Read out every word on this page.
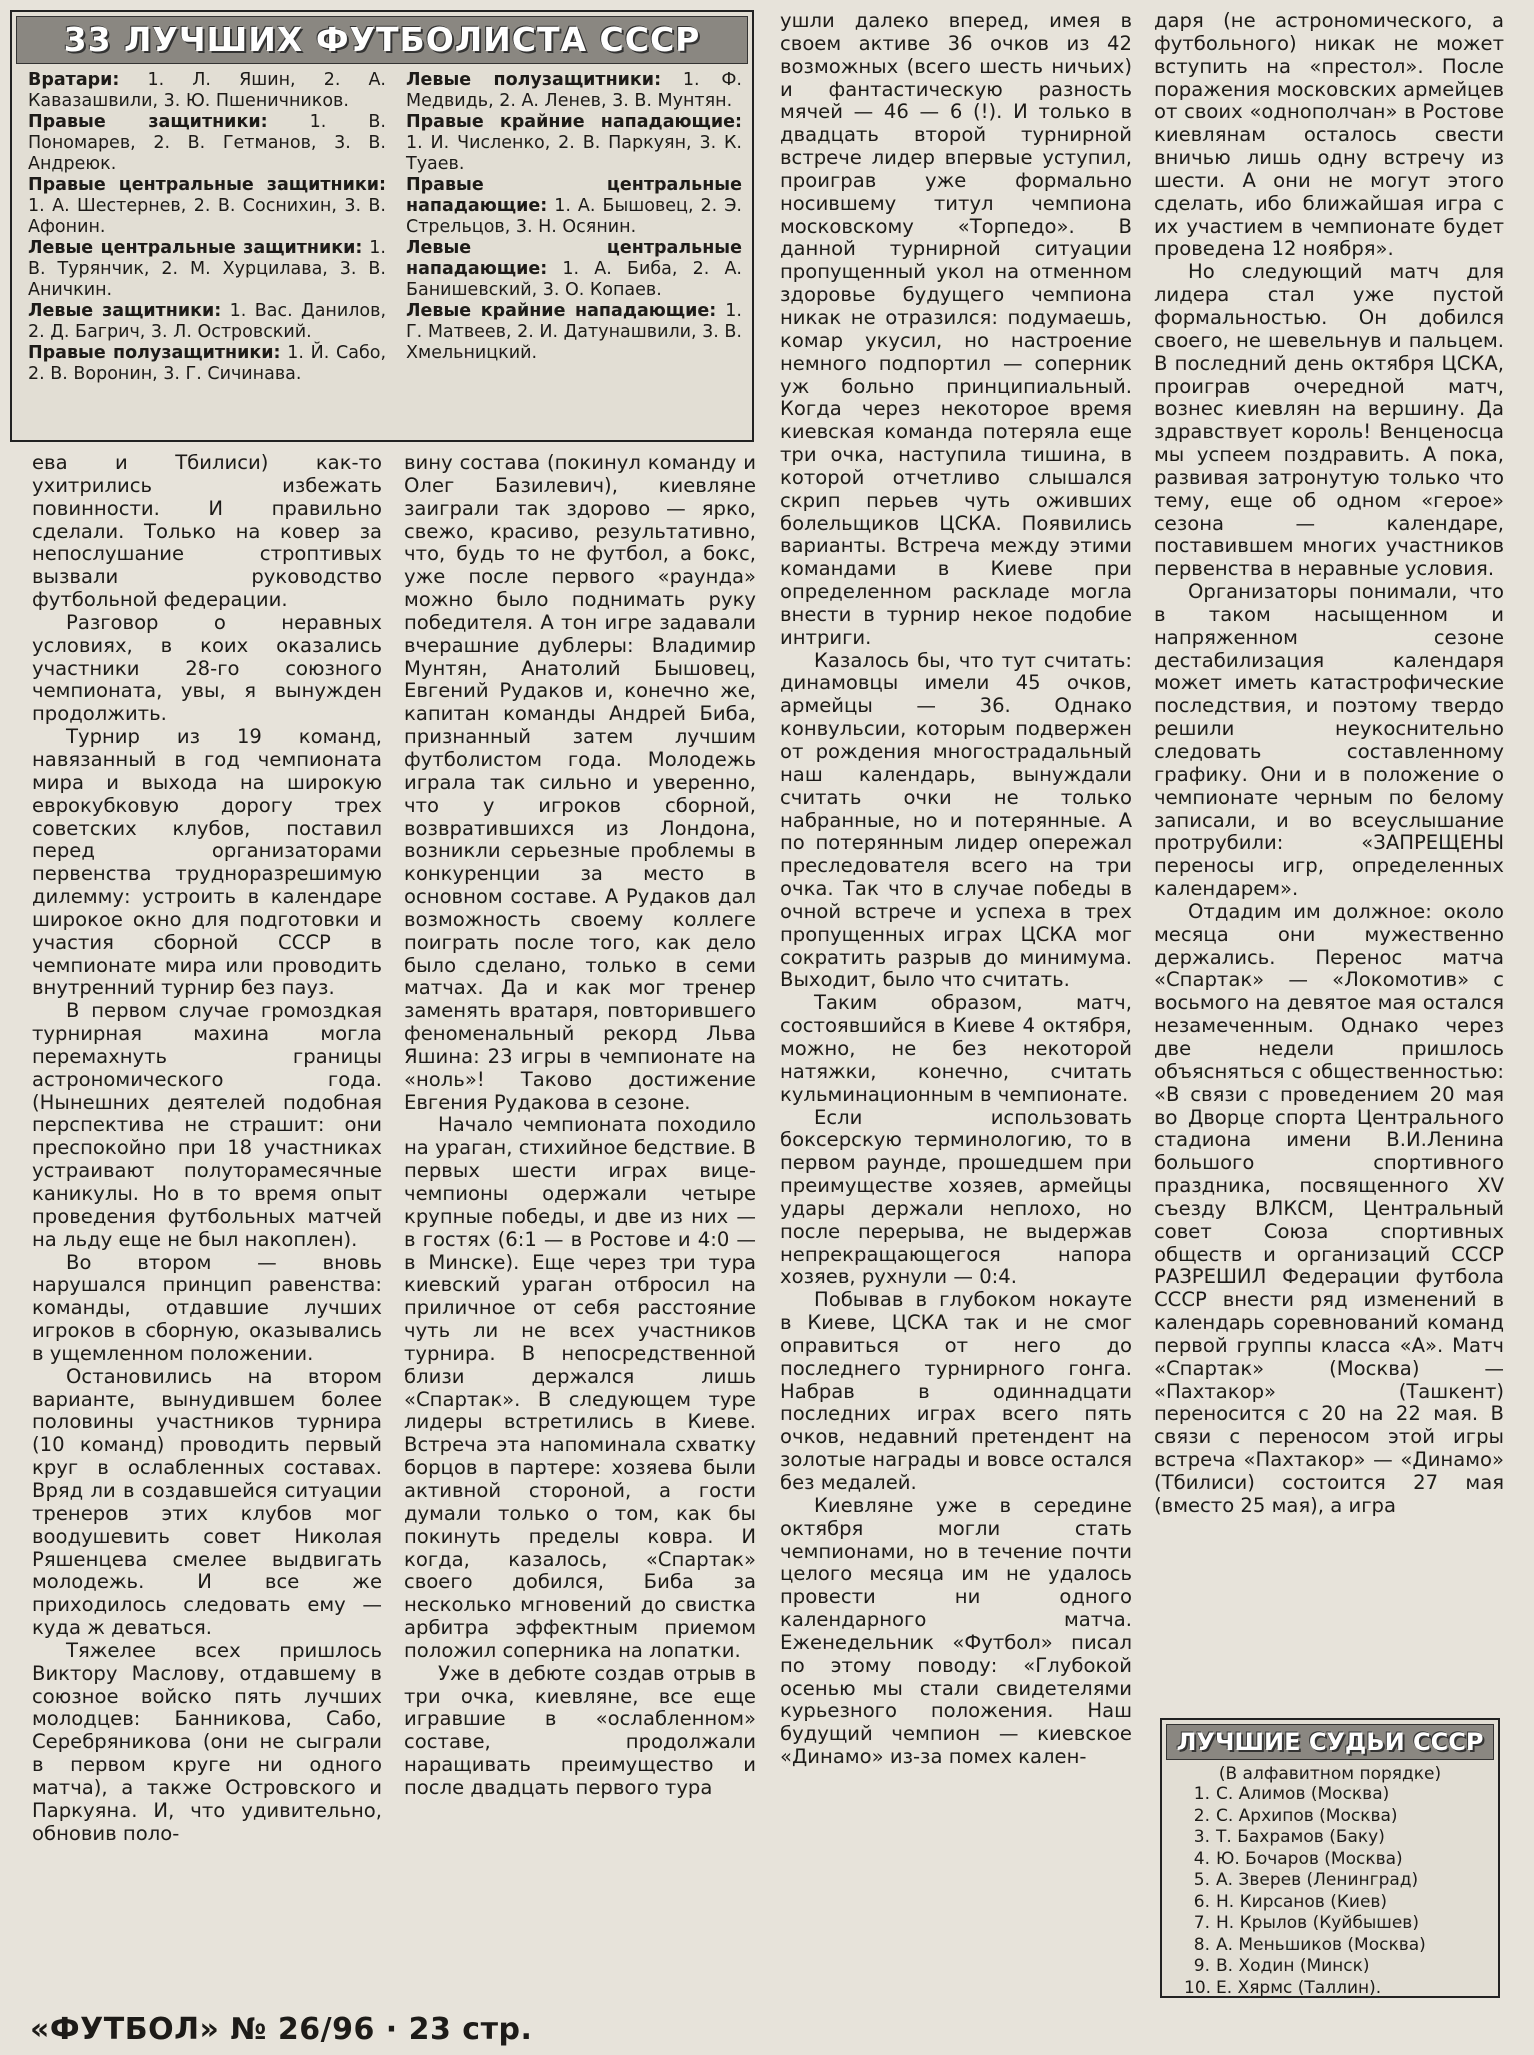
33 ЛУЧШИХ ФУТБОЛИСТА СССР

Вратари: 1. Л. Яшин, 2. А. Кавазашвили, 3. Ю. Пшеничников.

Правые защитники: 1. В. Пономарев, 2. В. Гетманов, 3. В. Андреюк.

Правые центральные защитники: 1. А. Шестернев, 2. В. Соснихин, 3. В. Афонин.

Левые центральные защитники: 1. В. Турянчик, 2. М. Хурцилава, 3. В. Аничкин.

Левые защитники: 1. Вас. Данилов, 2. Д. Багрич, 3. Л. Островский.

Правые полузащитники: 1. Й. Сабо, 2. В. Воронин, 3. Г. Сичинава.

Левые полузащитники: 1. Ф. Медвидь, 2. А. Ленев, 3. В. Мунтян.

Правые крайние нападающие: 1. И. Численко, 2. В. Паркуян, 3. К. Туаев.

Правые центральные нападающие: 1. А. Бышовец, 2. Э. Стрельцов, 3. Н. Осянин.

Левые центральные нападающие: 1. А. Биба, 2. А. Банишевский, 3. О. Копаев.

Левые крайние нападающие: 1. Г. Матвеев, 2. И. Датунашвили, 3. В. Хмельницкий.

ева и Тбилиси) как-то ухитрились избежать повинности. И правильно сделали. Только на ковер за непослушание строптивых вызвали руководство футбольной федерации.

Разговор о неравных условиях, в коих оказались участники 28-го союзного чемпионата, увы, я вынужден продолжить.

Турнир из 19 команд, навязанный в год чемпионата мира и выхода на широкую еврокубковую дорогу трех советских клубов, поставил перед организаторами первенства трудноразрешимую дилемму: устроить в календаре широкое окно для подготовки и участия сборной СССР в чемпионате мира или проводить внутренний турнир без пауз.

В первом случае громоздкая турнирная махина могла перемахнуть границы астрономического года. (Нынешних деятелей подобная перспектива не страшит: они преспокойно при 18 участниках устраивают полуторамесячные каникулы. Но в то время опыт проведения футбольных матчей на льду еще не был накоплен).

Во втором — вновь нарушался принцип равенства: команды, отдавшие лучших игроков в сборную, оказывались в ущемленном положении.

Остановились на втором варианте, вынудившем более половины участников турнира (10 команд) проводить первый круг в ослабленных составах. Вряд ли в создавшейся ситуации тренеров этих клубов мог воодушевить совет Николая Ряшенцева смелее выдвигать молодежь. И все же приходилось следовать ему — куда ж деваться.

Тяжелее всех пришлось Виктору Маслову, отдавшему в союзное войско пять лучших молодцев: Банникова, Сабо, Серебряникова (они не сыграли в первом круге ни одного матча), а также Островского и Паркуяна. И, что удивительно, обновив поло-

вину состава (покинул команду и Олег Базилевич), киевляне заиграли так здорово — ярко, свежо, красиво, результативно, что, будь то не футбол, а бокс, уже после первого «раунда» можно было поднимать руку победителя. А тон игре задавали вчерашние дублеры: Владимир Мунтян, Анатолий Бышовец, Евгений Рудаков и, конечно же, капитан команды Андрей Биба, признанный затем лучшим футболистом года. Молодежь играла так сильно и уверенно, что у игроков сборной, возвратившихся из Лондона, возникли серьезные проблемы в конкуренции за место в основном составе. А Рудаков дал возможность своему коллеге поиграть после того, как дело было сделано, только в семи матчах. Да и как мог тренер заменять вратаря, повторившего феноменальный рекорд Льва Яшина: 23 игры в чемпионате на «ноль»! Таково достижение Евгения Рудакова в сезоне.

Начало чемпионата походило на ураган, стихийное бедствие. В первых шести играх вице-чемпионы одержали четыре крупные победы, и две из них — в гостях (6:1 — в Ростове и 4:0 — в Минске). Еще через три тура киевский ураган отбросил на приличное от себя расстояние чуть ли не всех участников турнира. В непосредственной близи держался лишь «Спартак». В следующем туре лидеры встретились в Киеве. Встреча эта напоминала схватку борцов в партере: хозяева были активной стороной, а гости думали только о том, как бы покинуть пределы ковра. И когда, казалось, «Спартак» своего добился, Биба за несколько мгновений до свистка арбитра эффектным приемом положил соперника на лопатки.

Уже в дебюте создав отрыв в три очка, киевляне, все еще игравшие в «ослабленном» составе, продолжали наращивать преимущество и после двадцать первого тура

ушли далеко вперед, имея в своем активе 36 очков из 42 возможных (всего шесть ничьих) и фантастическую разность мячей — 46 — 6 (!). И только в двадцать второй турнирной встрече лидер впервые уступил, проиграв уже формально носившему титул чемпиона московскому «Торпедо». В данной турнирной ситуации пропущенный укол на отменном здоровье будущего чемпиона никак не отразился: подумаешь, комар укусил, но настроение немного подпортил — соперник уж больно принципиальный. Когда через некоторое время киевская команда потеряла еще три очка, наступила тишина, в которой отчетливо слышался скрип перьев чуть оживших болельщиков ЦСКА. Появились варианты. Встреча между этими командами в Киеве при определенном раскладе могла внести в турнир некое подобие интриги.

Казалось бы, что тут считать: динамовцы имели 45 очков, армейцы — 36. Однако конвульсии, которым подвержен от рождения многострадальный наш календарь, вынуждали считать очки не только набранные, но и потерянные. А по потерянным лидер опережал преследователя всего на три очка. Так что в случае победы в очной встрече и успеха в трех пропущенных играх ЦСКА мог сократить разрыв до минимума. Выходит, было что считать.

Таким образом, матч, состоявшийся в Киеве 4 октября, можно, не без некоторой натяжки, конечно, считать кульминационным в чемпионате.

Если использовать боксерскую терминологию, то в первом раунде, прошедшем при преимуществе хозяев, армейцы удары держали неплохо, но после перерыва, не выдержав непрекращающегося напора хозяев, рухнули — 0:4.

Побывав в глубоком нокауте в Киеве, ЦСКА так и не смог оправиться от него до последнего турнирного гонга. Набрав в одиннадцати последних играх всего пять очков, недавний претендент на золотые награды и вовсе остался без медалей.

Киевляне уже в середине октября могли стать чемпионами, но в течение почти целого месяца им не удалось провести ни одного календарного матча. Еженедельник «Футбол» писал по этому поводу: «Глубокой осенью мы стали свидетелями курьезного положения. Наш будущий чемпион — киевское «Динамо» из-за помех кален-

даря (не астрономического, а футбольного) никак не может вступить на «престол». После поражения московских армейцев от своих «однополчан» в Ростове киевлянам осталось свести вничью лишь одну встречу из шести. А они не могут этого сделать, ибо ближайшая игра с их участием в чемпионате будет проведена 12 ноября».

Но следующий матч для лидера стал уже пустой формальностью. Он добился своего, не шевельнув и пальцем. В последний день октября ЦСКА, проиграв очередной матч, вознес киевлян на вершину. Да здравствует король! Венценосца мы успеем поздравить. А пока, развивая затронутую только что тему, еще об одном «герое» сезона — календаре, поставившем многих участников первенства в неравные условия.

Организаторы понимали, что в таком насыщенном и напряженном сезоне дестабилизация календаря может иметь катастрофические последствия, и поэтому твердо решили неукоснительно следовать составленному графику. Они и в положение о чемпионате черным по белому записали, и во всеуслышание протрубили: «ЗАПРЕЩЕНЫ переносы игр, определенных календарем».

Отдадим им должное: около месяца они мужественно держались. Перенос матча «Спартак» — «Локомотив» с восьмого на девятое мая остался незамеченным. Однако через две недели пришлось объясняться с общественностью: «В связи с проведением 20 мая во Дворце спорта Центрального стадиона имени В.И.Ленина большого спортивного праздника, посвященного XV съезду ВЛКСМ, Центральный совет Союза спортивных обществ и организаций СССР РАЗРЕШИЛ Федерации футбола СССР внести ряд изменений в календарь соревнований команд первой группы класса «А». Матч «Спартак» (Москва) — «Пахтакор» (Ташкент) переносится с 20 на 22 мая. В связи с переносом этой игры встреча «Пахтакор» — «Динамо» (Тбилиси) состоится 27 мая (вместо 25 мая), а игра

ЛУЧШИЕ СУДЬИ СССР
(В алфавитном порядке)
1. С. Алимов (Москва)
2. С. Архипов (Москва)
3. Т. Бахрамов (Баку)
4. Ю. Бочаров (Москва)
5. А. Зверев (Ленинград)
6. Н. Кирсанов (Киев)
7. Н. Крылов (Куйбышев)
8. А. Меньшиков (Москва)
9. В. Ходин (Минск)
10. Е. Хярмс (Таллин).
«ФУТБОЛ» № 26/96 · 23 стр.
